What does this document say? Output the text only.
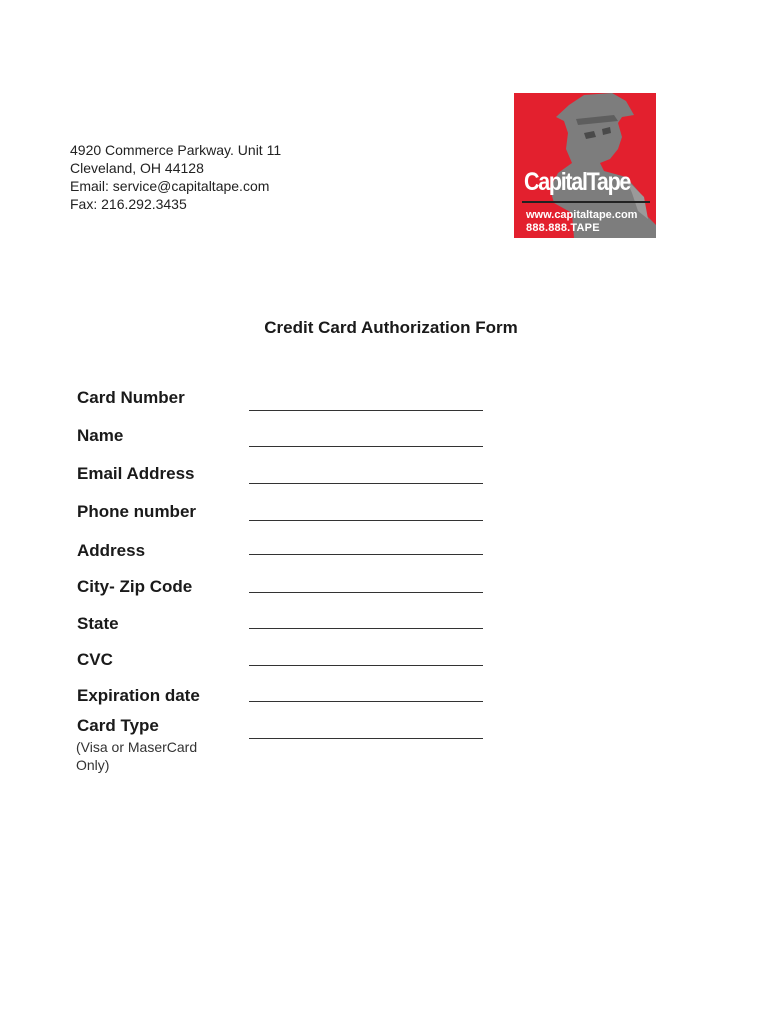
4920 Commerce Parkway. Unit 11
Cleveland, OH 44128
Email: service@capitaltape.com
Fax: 216.292.3435
CapitalTape
www.capitaltape.com
888.888.TAPE
Credit Card Authorization Form
Card Number
Name
Email Address
Phone number
Address
City- Zip Code
State
CVC
Expiration date
Card Type
(Visa or MaserCard Only)
